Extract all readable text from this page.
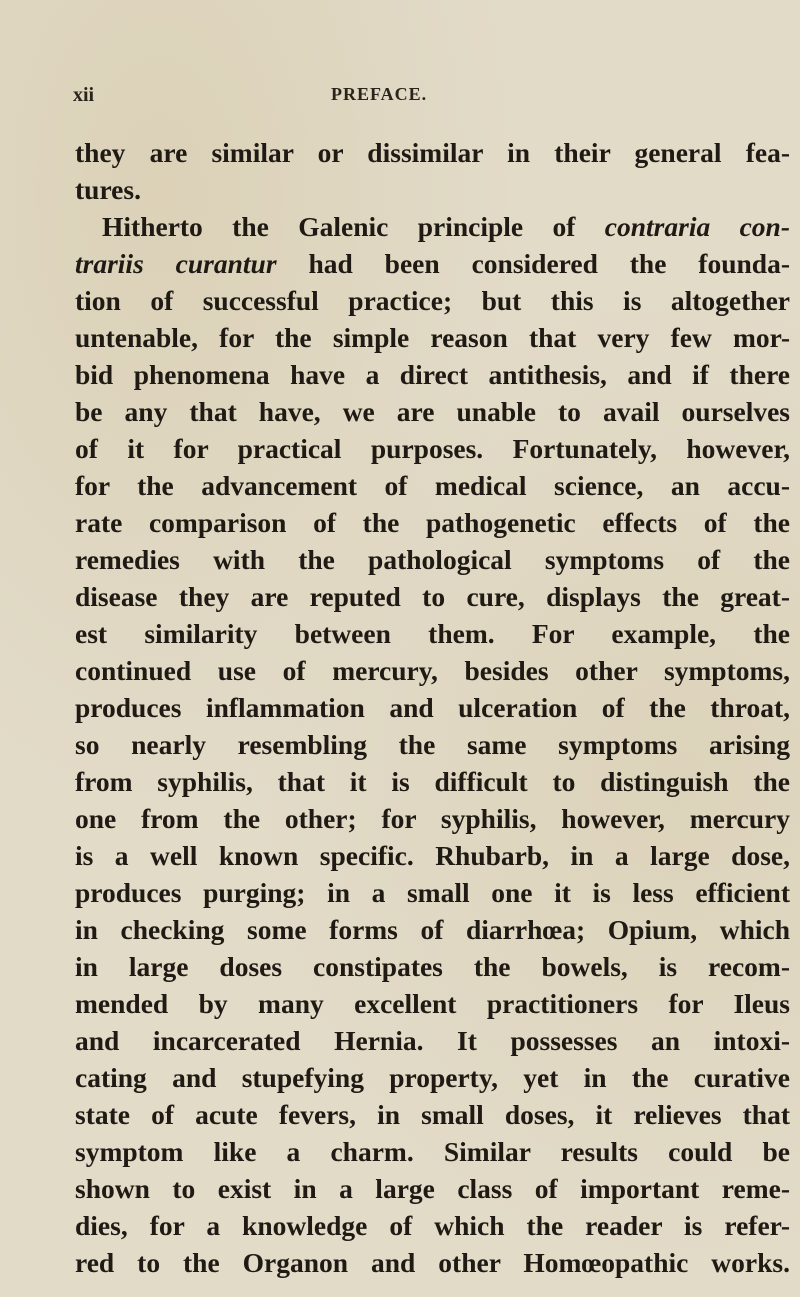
xii	PREFACE.
they are similar or dissimilar in their general fea-
tures.
Hitherto the Galenic principle of contraria con-
trariis curantur had been considered the founda-
tion of successful practice; but this is altogether
untenable, for the simple reason that very few mor-
bid phenomena have a direct antithesis, and if there
be any that have, we are unable to avail ourselves
of it for practical purposes. Fortunately, however,
for the advancement of medical science, an accu-
rate comparison of the pathogenetic effects of the
remedies with the pathological symptoms of the
disease they are reputed to cure, displays the great-
est similarity between them. For example, the
continued use of mercury, besides other symptoms,
produces inflammation and ulceration of the throat,
so nearly resembling the same symptoms arising
from syphilis, that it is difficult to distinguish the
one from the other; for syphilis, however, mercury
is a well known specific. Rhubarb, in a large dose,
produces purging; in a small one it is less efficient
in checking some forms of diarrhœa; Opium, which
in large doses constipates the bowels, is recom-
mended by many excellent practitioners for Ileus
and incarcerated Hernia. It possesses an intoxi-
cating and stupefying property, yet in the curative
state of acute fevers, in small doses, it relieves that
symptom like a charm. Similar results could be
shown to exist in a large class of important reme-
dies, for a knowledge of which the reader is refer-
red to the Organon and other Homœopathic works.
